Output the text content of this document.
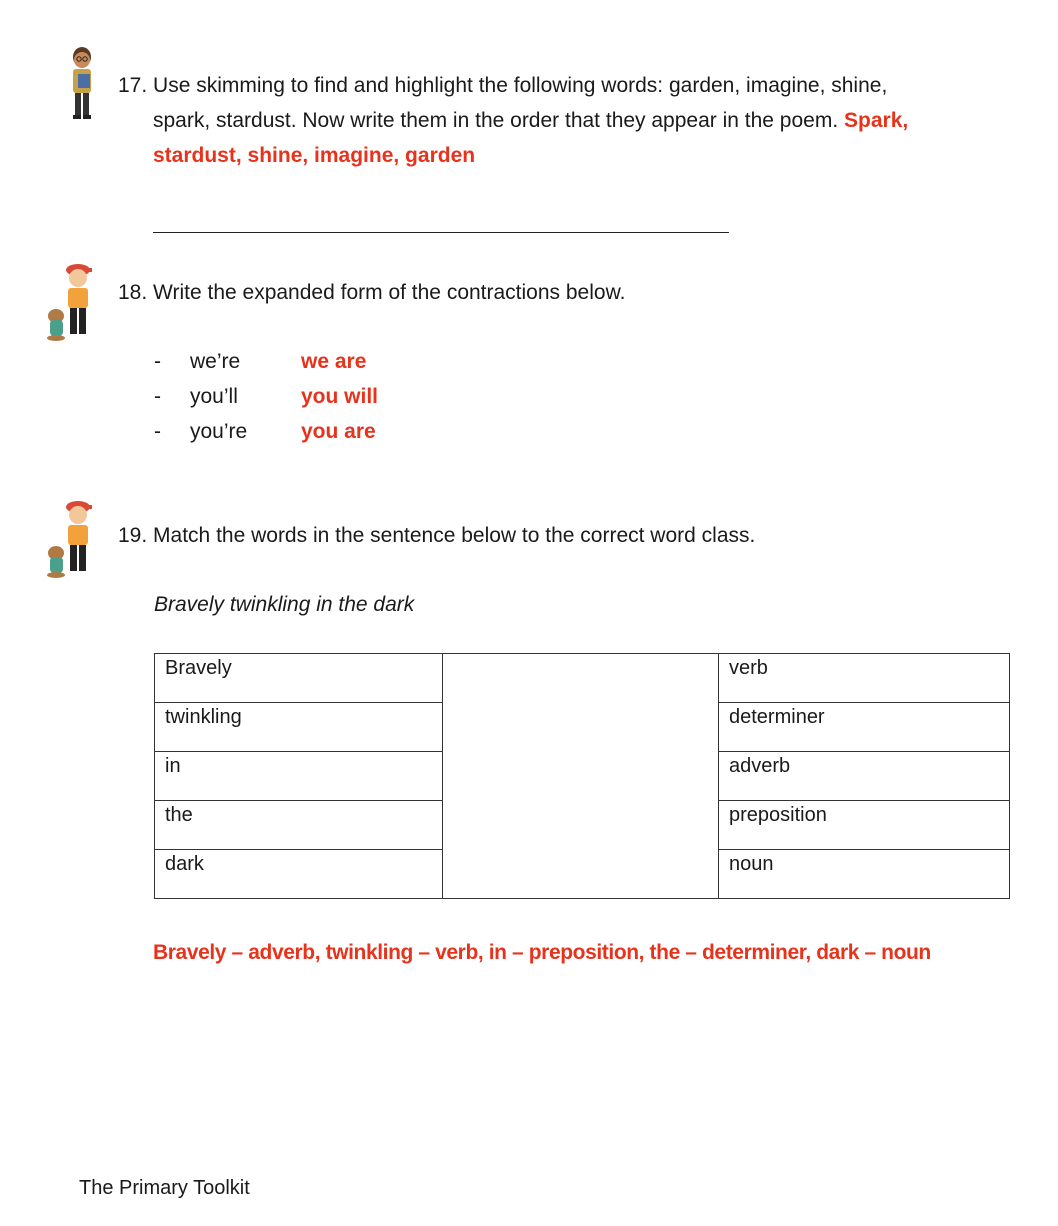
17. Use skimming to find and highlight the following words: garden, imagine, shine,
spark, stardust. Now write them in the order that they appear in the poem. Spark,
stardust, shine, imagine, garden
18. Write the expanded form of the contractions below.
- we’re	we are
- you’ll	you will
- you’re	you are
19. Match the words in the sentence below to the correct word class.
Bravely twinkling in the dark
Bravely		verb
twinkling		determiner
in		adverb
the		preposition
dark		noun
Bravely – adverb, twinkling – verb, in – preposition, the – determiner, dark – noun
The Primary Toolkit
